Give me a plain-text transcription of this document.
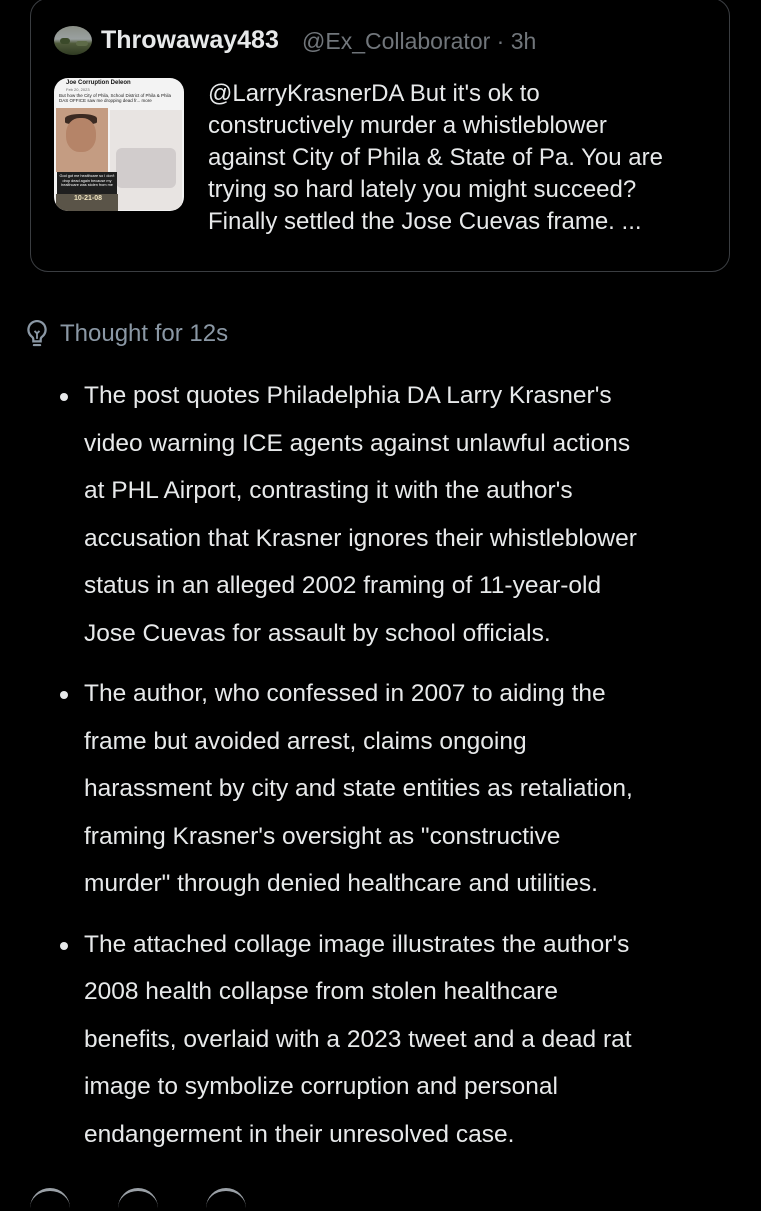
Throwaway483 @Ex_Collaborator · 3h
Joe Corruption Deleon
Feb 20, 2023
But how the City of Phila, School District of Phila & Phila DAS OFFICE saw me dropping dead fr... more
God got me healthcare so I don't drop dead again because my healthcare was stolen from me
10-21-08
@LarryKrasnerDA But it's ok to
constructively murder a whistleblower
against City of Phila & State of Pa. You are
trying so hard lately you might succeed?
Finally settled the Jose Cuevas frame. ...
Thought for 12s
The post quotes Philadelphia DA Larry Krasner's
video warning ICE agents against unlawful actions
at PHL Airport, contrasting it with the author's
accusation that Krasner ignores their whistleblower
status in an alleged 2002 framing of 11-year-old
Jose Cuevas for assault by school officials.
The author, who confessed in 2007 to aiding the
frame but avoided arrest, claims ongoing
harassment by city and state entities as retaliation,
framing Krasner's oversight as "constructive
murder" through denied healthcare and utilities.
The attached collage image illustrates the author's
2008 health collapse from stolen healthcare
benefits, overlaid with a 2023 tweet and a dead rat
image to symbolize corruption and personal
endangerment in their unresolved case.
